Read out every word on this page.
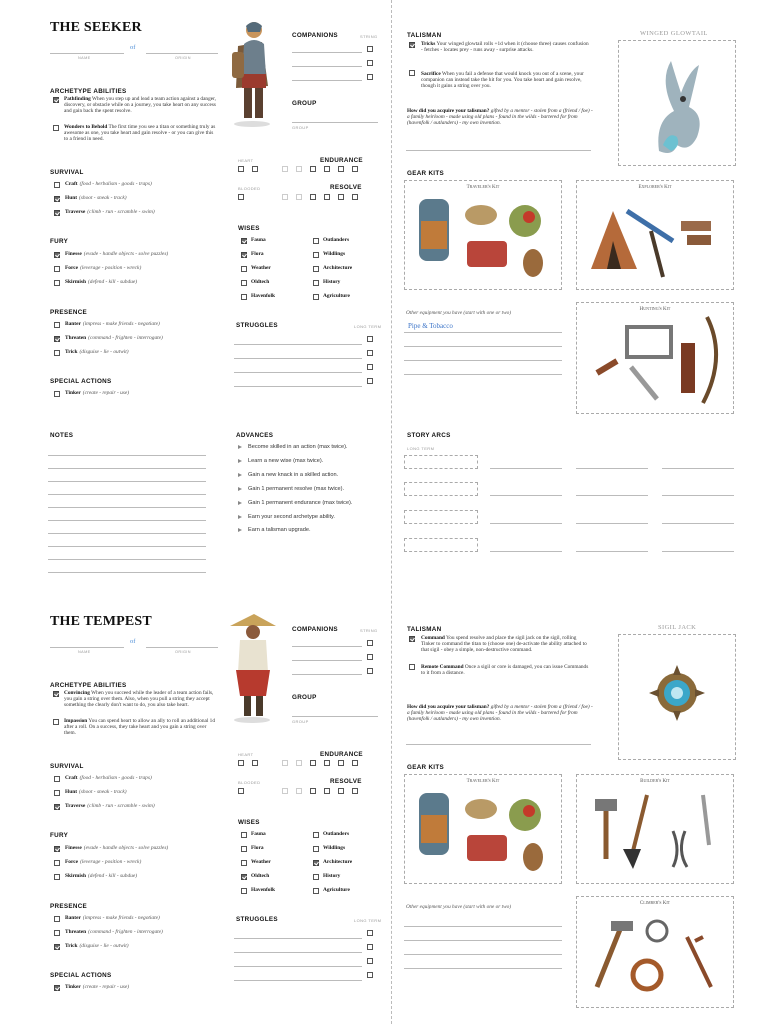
THE SEEKER
of
NAME	ORIGIN
COMPANIONS	STRING
GROUP
GROUP
ARCHETYPE ABILITIES
Pathfinding When you step up and lead a team action against a danger, discovery, or obstacle while on a journey, you take heart on any success and gain back the spent resolve.
Wonders to Behold The first time you see a titan or something truly as awesome as one, you take heart and gain resolve - or you can give this to a friend in need.
HEART	ENDURANCE
BLOODED	RESOLVE
SURVIVAL
Craft (food - herbalism - goods - traps)
Hunt (shoot - sneak - track)
Traverse (climb - run - scramble - swim)
FURY
Finesse (evade - handle objects - solve puzzles)
Force (leverage - position - wreck)
Skirmish (defend - kill - subdue)
PRESENCE
Banter (impress - make friends - negotiate)
Threaten (command - frighten - interrogate)
Trick (disguise - lie - outwit)
SPECIAL ACTIONS
Tinker (create - repair - use)
WISES
Fauna	Outlanders
Flora	Wildlings
Weather	Architecture
Oldtech	History
Havenfolk	Agriculture
STRUGGLES	LONG TERM
NOTES	ADVANCES
Become skilled in an action (max twice).
Learn a new wise (max twice).
Gain a new knack in a skilled action.
Gain 1 permanent resolve (max twice).
Gain 1 permanent endurance (max twice).
Earn your second archetype ability.
Earn a talisman upgrade.
TALISMAN
Tricks Your winged glowtail rolls +1d when it (choose three) causes confusion - fetches - locates prey - runs away - surprise attacks.
Sacrifice When you fail a defense that would knock you out of a scene, your companion can instead take the hit for you. You take heart and gain resolve, though it gains a string over you.
How did you acquire your talisman? gifted by a mentor - stolen from a (friend / foe) - a family heirloom - made using old plans - found in the wilds - bartered for from (havenfolk / outlanders) - my own invention.
WINGED GLOWTAIL
GEAR KITS
Traveler's Kit	Explorer's Kit
Hunting's Kit
Other equipment you have (start with one or two)
Pipe & Tobacco
STORY ARCS
LONG TERM
THE TEMPEST
of
NAME	ORIGIN
COMPANIONS	STRING
GROUP
GROUP
ARCHETYPE ABILITIES
Convincing When you succeed while the leader of a team action fails, you gain a string over them. Also, when you pull a string they accept something the clearly don't want to do, you also take heart.
Impassion You can spend heart to allow an ally to roll an additional 1d after a roll. On a success, they take heart and you gain a string over them.
HEART	ENDURANCE
BLOODED	RESOLVE
SURVIVAL
Craft (food - herbalism - goods - traps)
Hunt (shoot - sneak - track)
Traverse (climb - run - scramble - swim)
FURY
Finesse (evade - handle objects - solve puzzles)
Force (leverage - position - wreck)
Skirmish (defend - kill - subdue)
PRESENCE
Banter (impress - make friends - negotiate)
Threaten (command - frighten - interrogate)
Trick (disguise - lie - outwit)
SPECIAL ACTIONS
Tinker (create - repair - use)
WISES
Fauna	Outlanders
Flora	Wildlings
Weather	Architecture
Oldtech	History
Havenfolk	Agriculture
STRUGGLES	LONG TERM
TALISMAN
Command You spend resolve and place the sigil jack on the sigil, rolling Tinker to command the titan to (choose one) de-activate the ability attached to that sigil - obey a simple, non-destructive command.
Remote Command Once a sigil or core is damaged, you can issue Commands to it from a distance.
How did you acquire your talisman? gifted by a mentor - stolen from a (friend / foe) - a family heirloom - made using old plans - found in the wilds - bartered for from (havenfolk / outlanders) - my own invention.
SIGIL JACK
GEAR KITS
Traveler's Kit	Builder's Kit
Climber's Kit
Other equipment you have (start with one or two)
